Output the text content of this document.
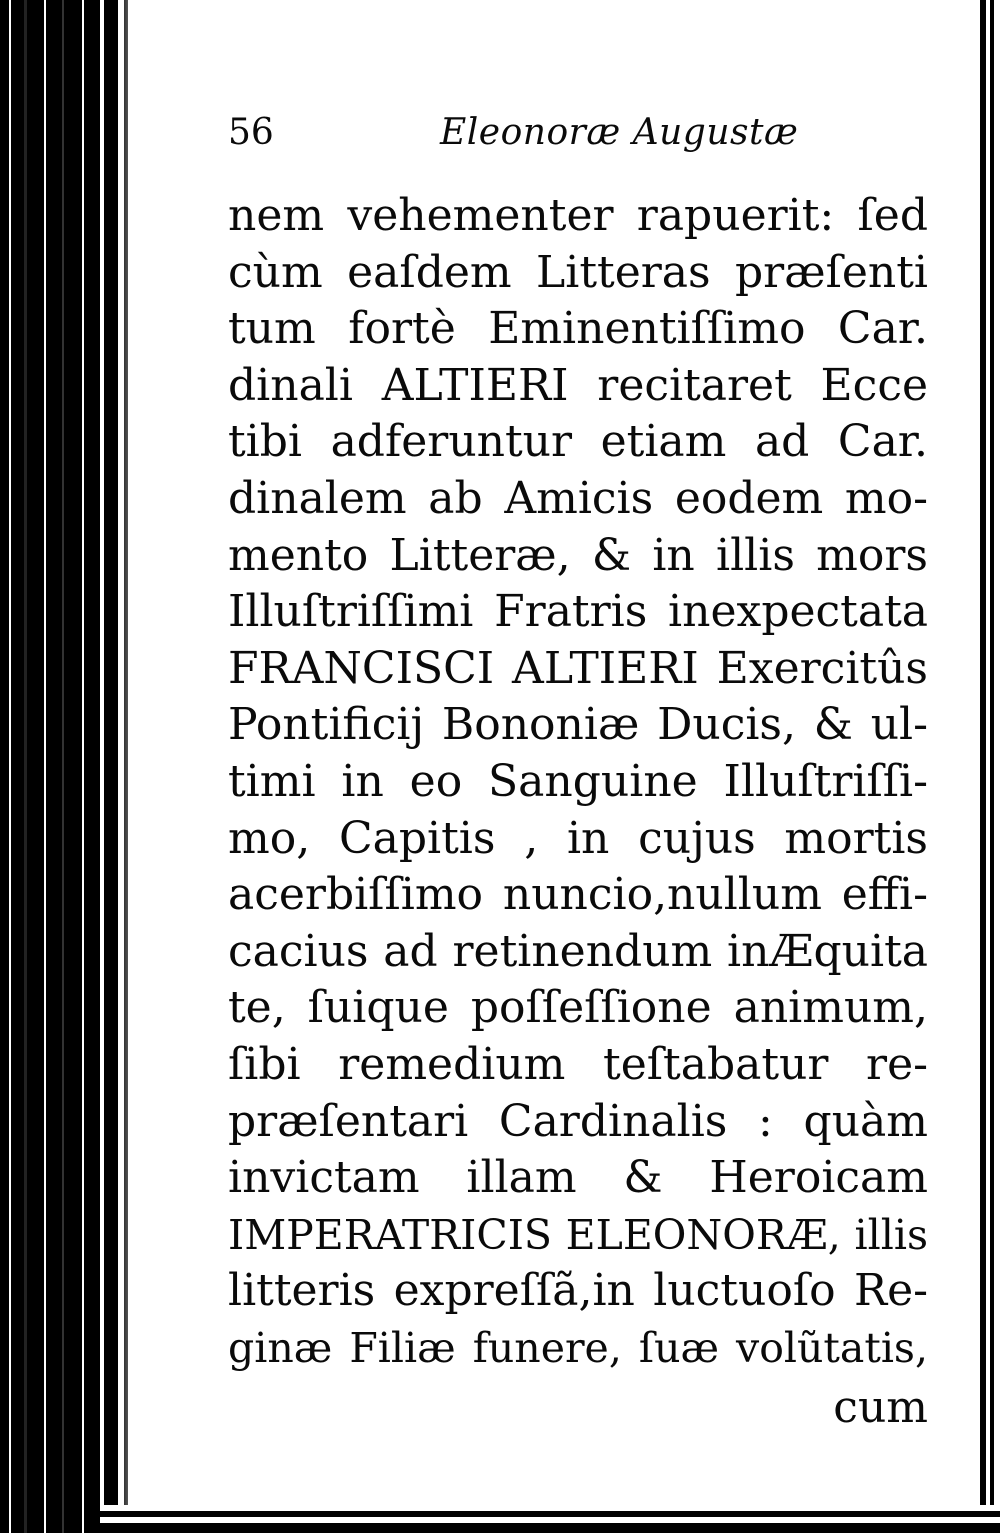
56	Eleonoræ Augustæ
nem vehementer rapuerit: ſed
cùm eaſdem Litteras præſenti
tum fortè Eminentiſſimo Car.
dinali ALTIERI recitaret Ecce
tibi adferuntur etiam ad Car.
dinalem ab Amicis eodem mo-
mento Litteræ, & in illis mors
Illuſtriſſimi Fratris inexpectata
FRANCISCI ALTIERI Exercitûs
Pontificij Bononiæ Ducis, & ul-
timi in eo Sanguine Illuſtriſſi-
mo, Capitis , in cujus mortis
acerbiſſimo nuncio,nullum effi-
cacius ad retinendum inÆquita
te, ſuique poſſeſſione animum,
ſibi remedium teſtabatur re-
præſentari Cardinalis : quàm
invictam illam & Heroicam
IMPERATRICIS ELEONORÆ, illis
litteris expreſſã,in luctuoſo Re-
ginæ Filiæ funere, ſuæ volũtatis,
cum
